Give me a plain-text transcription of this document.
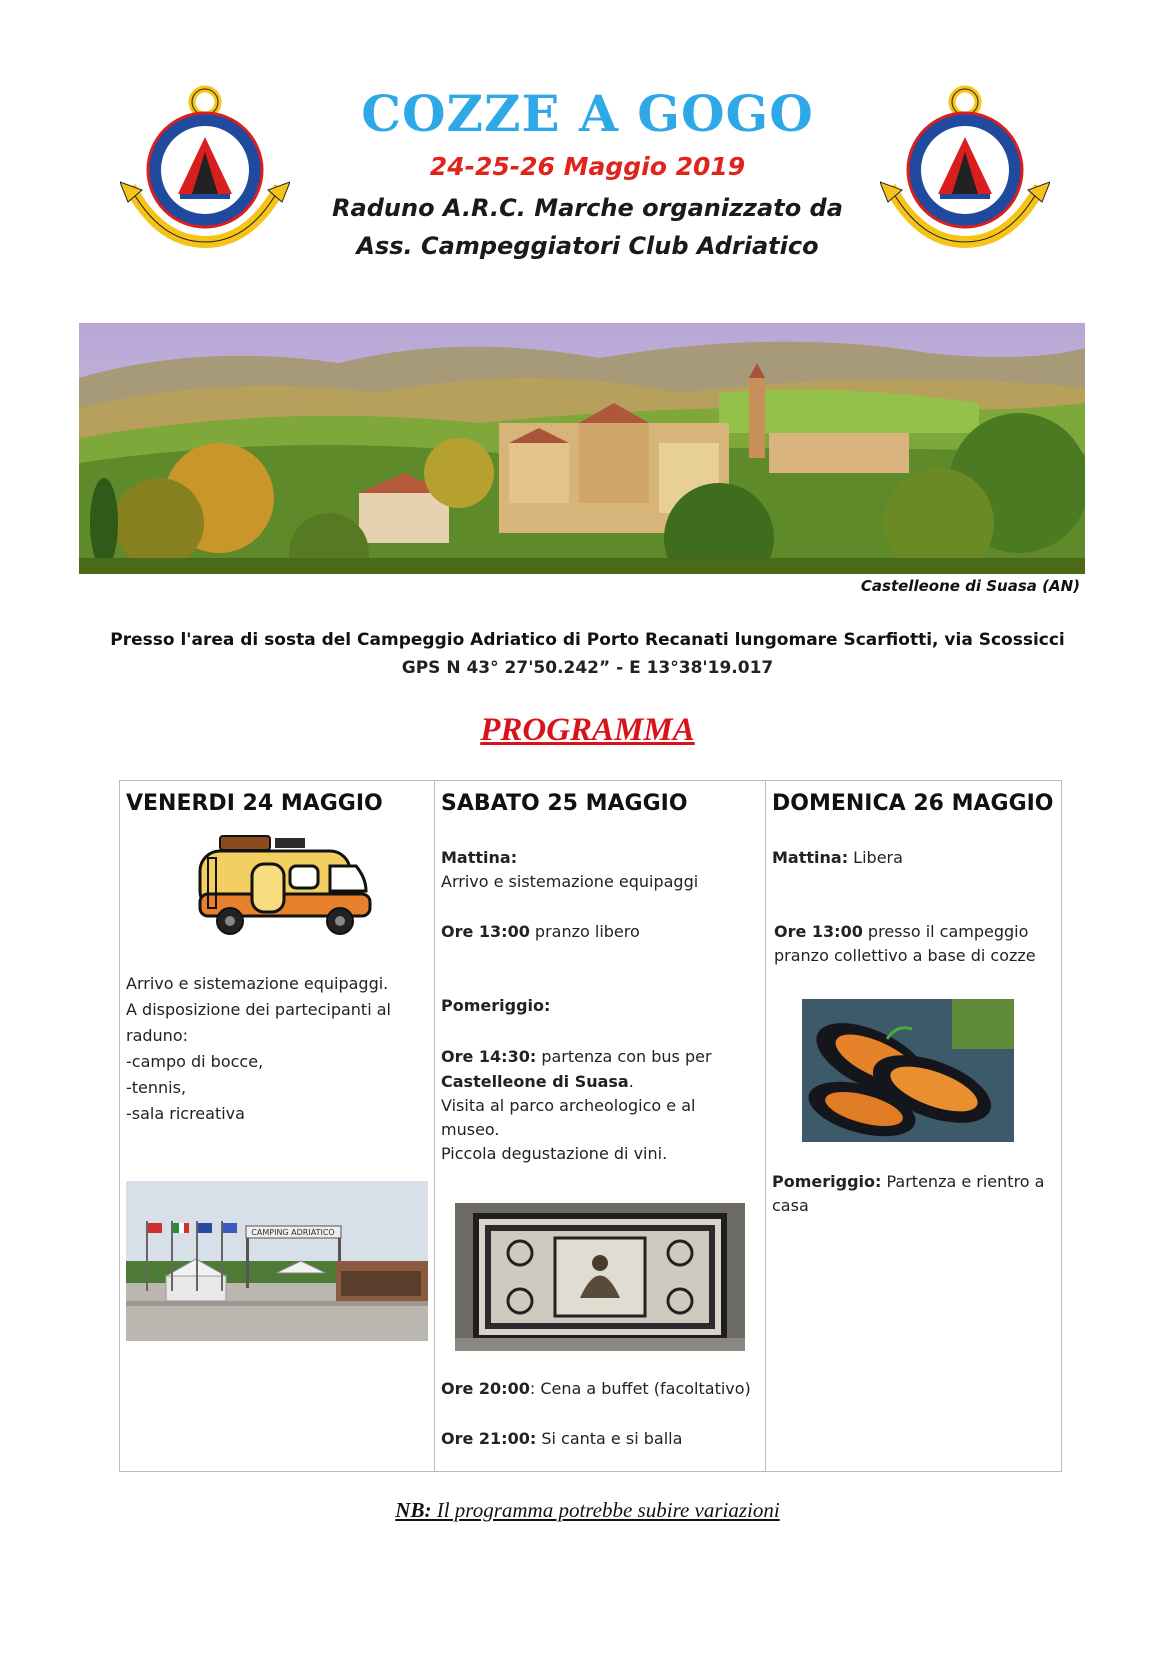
COZZE A GOGO
24-25-26 Maggio 2019
Raduno A.R.C. Marche organizzato da
Ass. Campeggiatori Club Adriatico
Castelleone di Suasa (AN)
Presso l'area di sosta del Campeggio Adriatico di Porto Recanati lungomare Scarfiotti, via Scossicci
GPS N 43° 27'50.242” - E 13°38'19.017
PROGRAMMA
VENERDI 24 MAGGIO
Arrivo e sistemazione equipaggi.
A disposizione dei partecipanti al
raduno:
-campo di bocce,
-tennis,
-sala ricreativa
CAMPING ADRIATICO
SABATO 25 MAGGIO
Mattina:
Arrivo e sistemazione equipaggi
Ore 13:00 pranzo libero
Pomeriggio:
Ore 14:30: partenza con bus per
Castelleone di Suasa.
Visita al parco archeologico e al
museo.
Piccola degustazione di vini.
Ore 20:00: Cena a buffet (facoltativo)
Ore 21:00: Si canta e si balla
DOMENICA 26 MAGGIO
Mattina: Libera
Ore 13:00 presso il campeggio
pranzo collettivo a base di cozze
Pomeriggio: Partenza e rientro a
casa
NB: Il programma potrebbe subire variazioni
